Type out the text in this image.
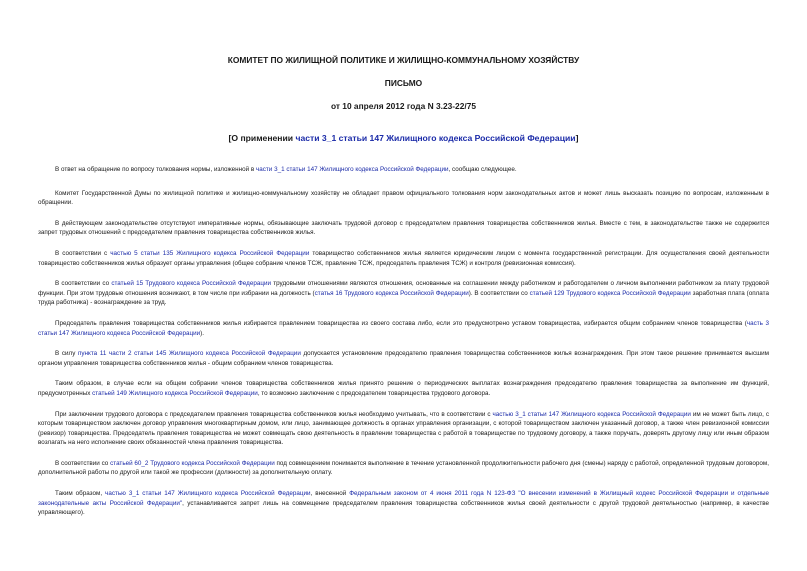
КОМИТЕТ ПО ЖИЛИЩНОЙ ПОЛИТИКЕ И ЖИЛИЩНО-КОММУНАЛЬНОМУ ХОЗЯЙСТВУ
ПИСЬМО
от 10 апреля 2012 года N 3.23-22/75
[О применении части 3_1 статьи 147 Жилищного кодекса Российской Федерации]

В ответ на обращение по вопросу толкования нормы, изложенной в части 3_1 статьи 147 Жилищного кодекса Российской Федерации, сообщаю следующее.

Комитет Государственной Думы по жилищной политике и жилищно-коммунальному хозяйству не обладает правом официального толкования норм законодательных актов и может лишь высказать позицию по вопросам, изложенным в обращении.

В действующем законодательстве отсутствуют императивные нормы, обязывающие заключать трудовой договор с председателем правления товарищества собственников жилья. Вместе с тем, в законодательстве также не содержится запрет трудовых отношений с председателем правления товарищества собственников жилья.

В соответствии с частью 5 статьи 135 Жилищного кодекса Российской Федерации товарищество собственников жилья является юридическим лицом с момента государственной регистрации. Для осуществления своей деятельности товарищество собственников жилья образует органы управления (общее собрание членов ТСЖ, правление ТСЖ, председатель правления ТСЖ) и контроля (ревизионная комиссия).

В соответствии со статьей 15 Трудового кодекса Российской Федерации трудовыми отношениями являются отношения, основанные на соглашении между работником и работодателем о личном выполнении работником за плату трудовой функции. При этом трудовые отношения возникают, в том числе при избрании на должность (статья 16 Трудового кодекса Российской Федерации). В соответствии со статьей 129 Трудового кодекса Российской Федерации заработная плата (оплата труда работника) - вознаграждение за труд.

Председатель правления товарищества собственников жилья избирается правлением товарищества из своего состава либо, если это предусмотрено уставом товарищества, избирается общим собранием членов товарищества (часть 3 статьи 147 Жилищного кодекса Российской Федерации).

В силу пункта 11 части 2 статьи 145 Жилищного кодекса Российской Федерации допускается установление председателю правления товарищества собственников жилья вознаграждения. При этом такое решение принимается высшим органом управления товарищества собственников жилья - общим собранием членов товарищества.

Таким образом, в случае если на общем собрании членов товарищества собственников жилья принято решение о периодических выплатах вознаграждения председателю правления товарищества за выполнение им функций, предусмотренных статьей 149 Жилищного кодекса Российской Федерации, то возможно заключение с председателем товарищества трудового договора.

При заключении трудового договора с председателем правления товарищества собственников жилья необходимо учитывать, что в соответствии с частью 3_1 статьи 147 Жилищного кодекса Российской Федерации им не может быть лицо, с которым товариществом заключен договор управления многоквартирным домом, или лицо, занимающее должность в органах управления организации, с которой товариществом заключен указанный договор, а также член ревизионной комиссии (ревизор) товарищества. Председатель правления товарищества не может совмещать свою деятельность в правлении товарищества с работой в товариществе по трудовому договору, а также поручать, доверять другому лицу или иным образом возлагать на него исполнение своих обязанностей члена правления товарищества.

В соответствии со статьей 60_2 Трудового кодекса Российской Федерации под совмещением понимается выполнение в течение установленной продолжительности рабочего дня (смены) наряду с работой, определенной трудовым договором, дополнительной работы по другой или такой же профессии (должности) за дополнительную оплату.

Таким образом, частью 3_1 статьи 147 Жилищного кодекса Российской Федерации, внесенной Федеральным законом от 4 июня 2011 года N 123-ФЗ "О внесении изменений в Жилищный кодекс Российской Федерации и отдельные законодательные акты Российской Федерации", устанавливается запрет лишь на совмещение председателем правления товарищества собственников жилья своей деятельности с другой трудовой деятельностью (например, в качестве управляющего).
